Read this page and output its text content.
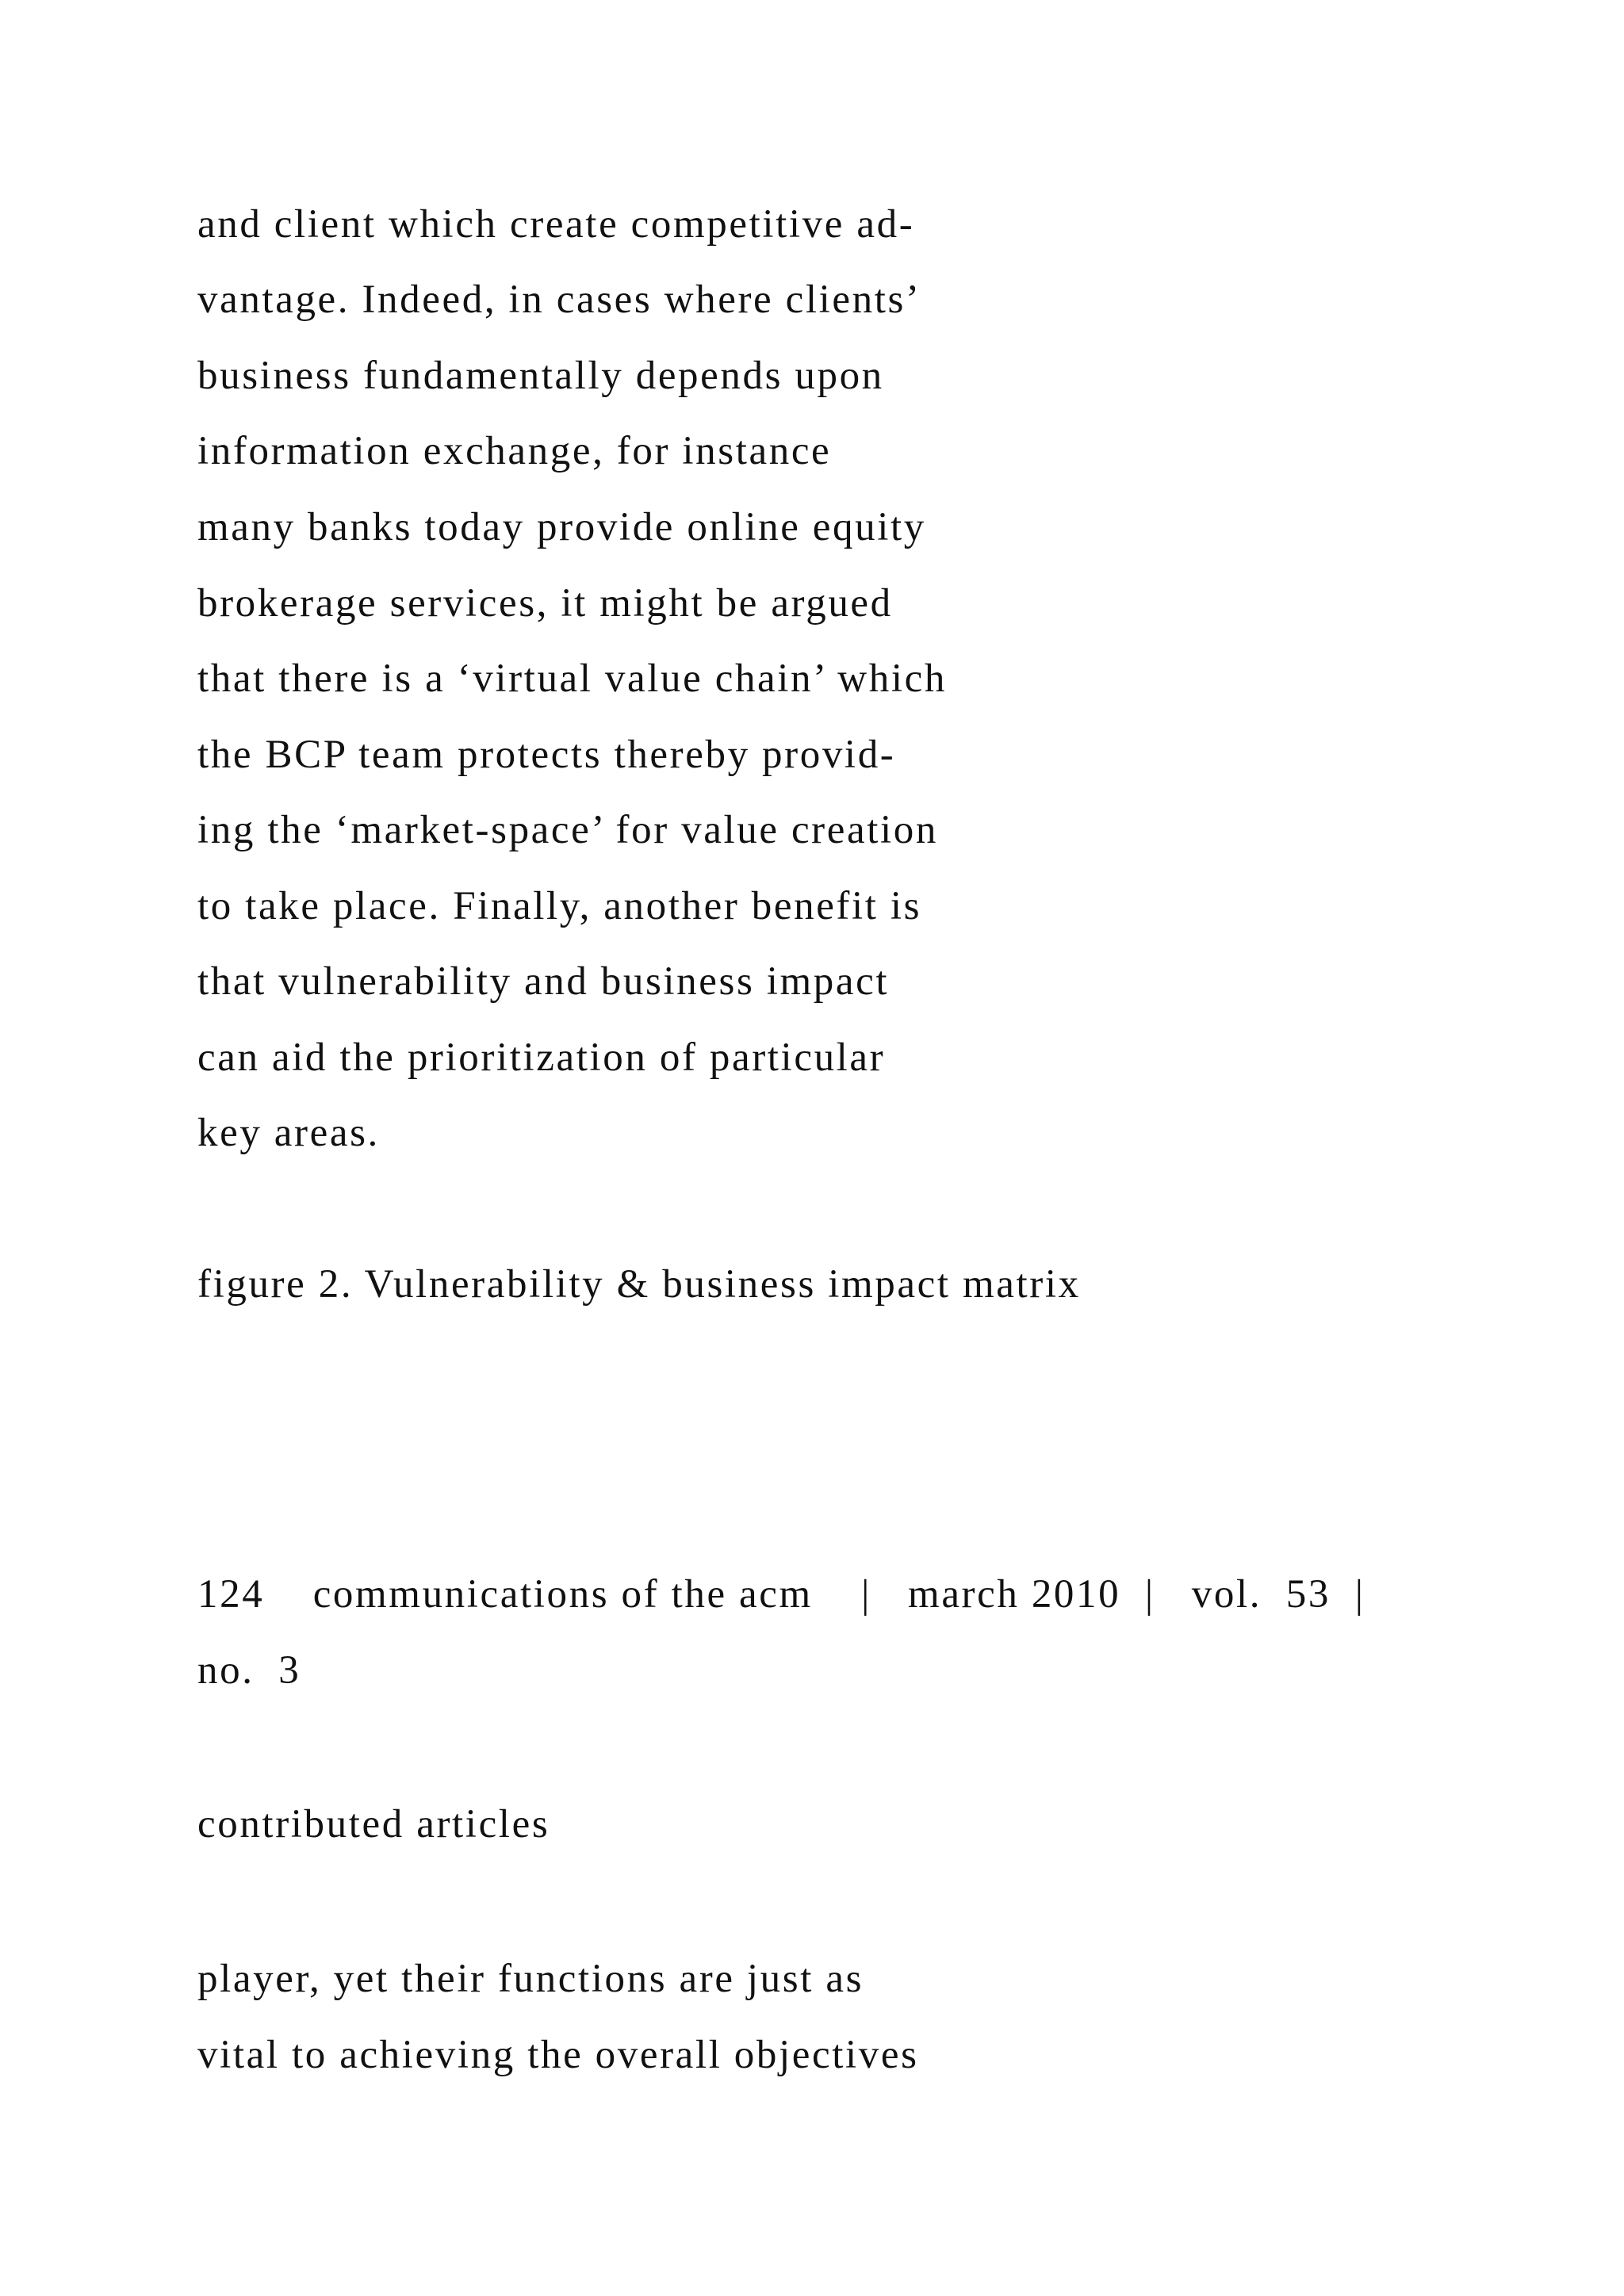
and client which create competitive ad-
vantage. Indeed, in cases where clients’
business fundamentally depends upon
information exchange, for instance
many banks today provide online equity
brokerage services, it might be argued
that there is a ‘virtual value chain’ which
the BCP team protects thereby provid-
ing the ‘market-space’ for value creation
to take place. Finally, another benefit is
that vulnerability and business impact
can aid the prioritization of particular
key areas.
figure 2. Vulnerability & business impact matrix
124    communications of the acm    |   march 2010  |   vol.  53  |
no.  3
contributed articles
player, yet their functions are just as
vital to achieving the overall objectives
